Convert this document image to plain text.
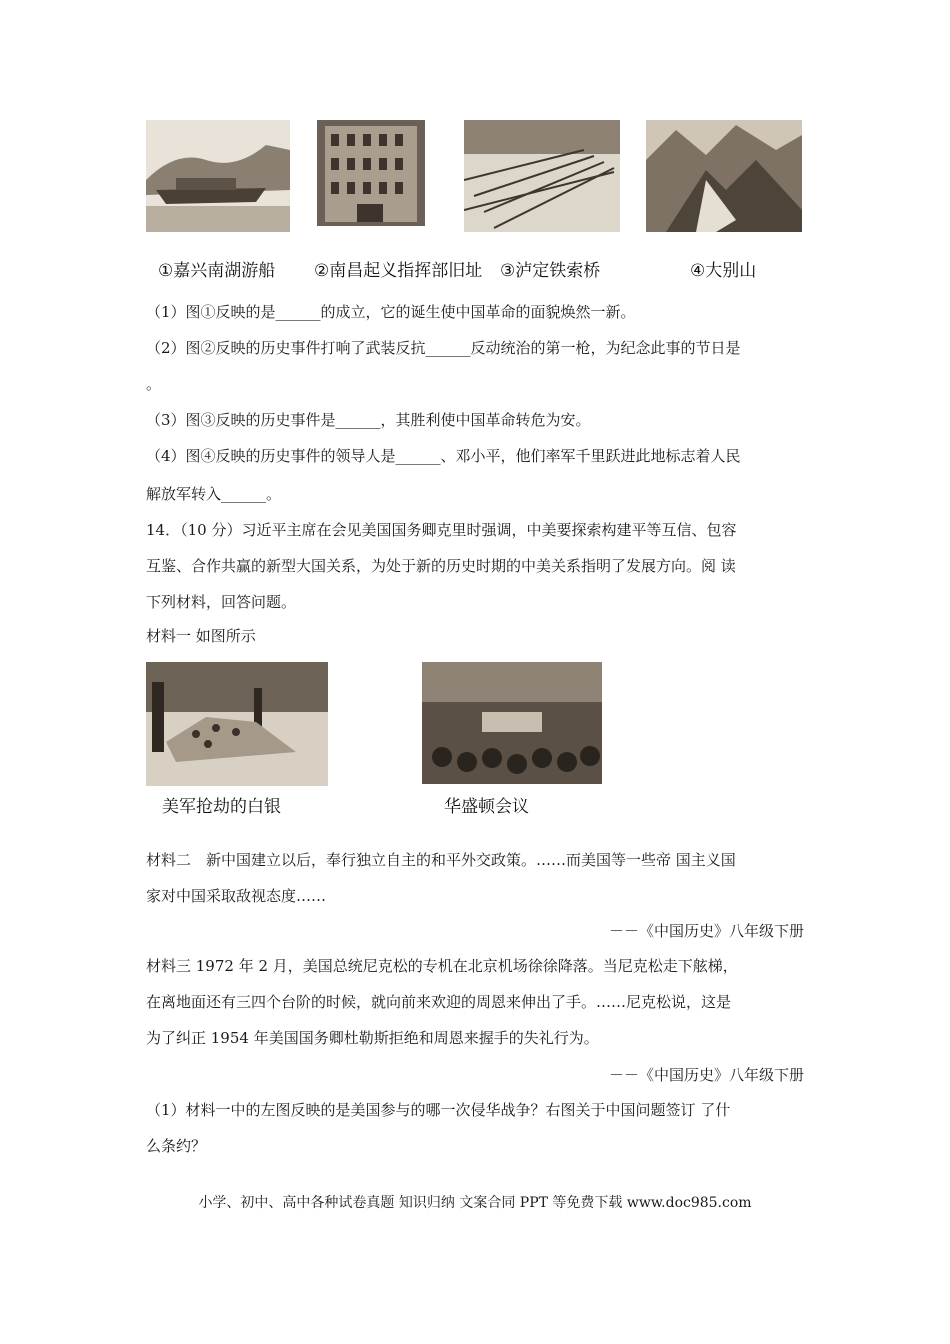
①嘉兴南湖游船 ②南昌起义指挥部旧址 ③泸定铁索桥	④大别山
（1）图①反映的是______的成立，它的诞生使中国革命的面貌焕然一新。
（2）图②反映的历史事件打响了武装反抗______反动统治的第一枪，为纪念此事的节日是
。
（3）图③反映的历史事件是______，其胜利使中国革命转危为安。
（4）图④反映的历史事件的领导人是______、邓小平，他们率军千里跃进此地标志着人民
解放军转入______。
14．（10 分）习近平主席在会见美国国务卿克里时强调，中美要探索构建平等互信、包容
互鉴、合作共赢的新型大国关系，为处于新的历史时期的中美关系指明了发展方向。阅 读
下列材料，回答问题。
材料一 如图所示
美军抢劫的白银	华盛顿会议
材料二　新中国建立以后，奉行独立自主的和平外交政策。……而美国等一些帝 国主义国
家对中国采取敌视态度……
－－《中国历史》八年级下册
材料三 1972 年 2 月，美国总统尼克松的专机在北京机场徐徐降落。当尼克松走下舷梯，
在离地面还有三四个台阶的时候，就向前来欢迎的周恩来伸出了手。……尼克松说，这是
为了纠正 1954 年美国国务卿杜勒斯拒绝和周恩来握手的失礼行为。
－－《中国历史》八年级下册
（1）材料一中的左图反映的是美国参与的哪一次侵华战争？右图关于中国问题签订 了什
么条约？
小学、初中、高中各种试卷真题 知识归纳 文案合同 PPT 等免费下载 www.doc985.com
